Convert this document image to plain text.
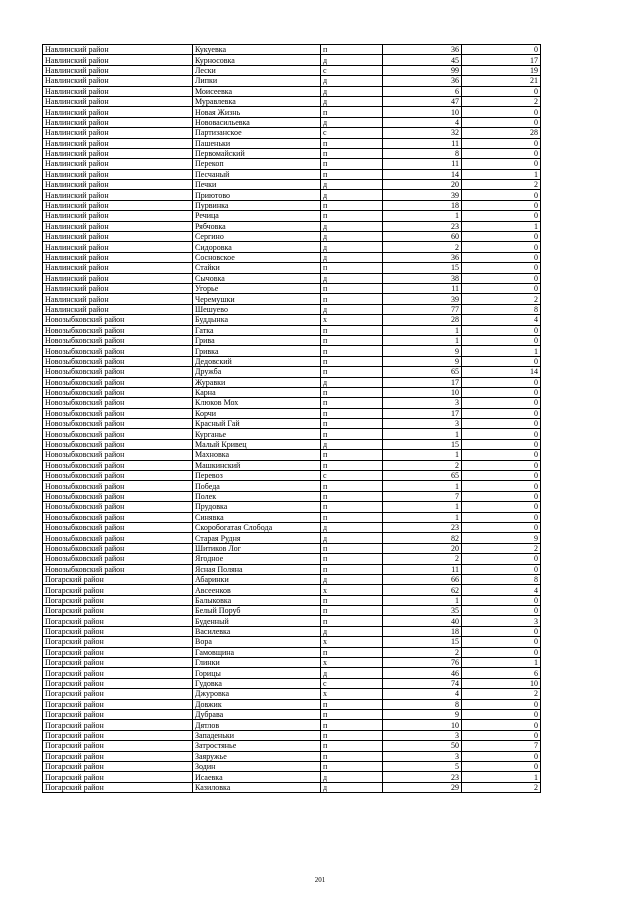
Навлинский район	Кукуевка	п	36	0
Навлинский район	Курносовка	д	45	17
Навлинский район	Лески	с	99	19
Навлинский район	Липки	д	36	21
Навлинский район	Моисеевка	д	6	0
Навлинский район	Муравлевка	д	47	2
Навлинский район	Новая Жизнь	п	10	0
Навлинский район	Нововасильевка	д	4	0
Навлинский район	Партизанское	с	32	28
Навлинский район	Пашеньки	п	11	0
Навлинский район	Первомайский	п	8	0
Навлинский район	Перекоп	п	11	0
Навлинский район	Песчаный	п	14	1
Навлинский район	Печки	д	20	2
Навлинский район	Приютово	д	39	0
Навлинский район	Пурвинка	п	18	0
Навлинский район	Речица	п	1	0
Навлинский район	Рябчовка	д	23	1
Навлинский район	Сергино	д	60	0
Навлинский район	Сидоровка	д	2	0
Навлинский район	Сосновское	д	36	0
Навлинский район	Стайки	п	15	0
Навлинский район	Сычовка	д	38	0
Навлинский район	Угорье	п	11	0
Навлинский район	Черемушки	п	39	2
Навлинский район	Шешуево	д	77	8
Новозыбковский район	Буддынка	х	28	4
Новозыбковский район	Гатка	п	1	0
Новозыбковский район	Грива	п	1	0
Новозыбковский район	Гривка	п	9	1
Новозыбковский район	Дедовский	п	9	0
Новозыбковский район	Дружба	п	65	14
Новозыбковский район	Журавки	д	17	0
Новозыбковский район	Карна	п	10	0
Новозыбковский район	Клюков Мох	п	3	0
Новозыбковский район	Корчи	п	17	0
Новозыбковский район	Красный Гай	п	3	0
Новозыбковский район	Курганье	п	1	0
Новозыбковский район	Малый Кривец	д	15	0
Новозыбковский район	Махновка	п	1	0
Новозыбковский район	Машкинский	п	2	0
Новозыбковский район	Перевоз	с	65	0
Новозыбковский район	Победа	п	1	0
Новозыбковский район	Полек	п	7	0
Новозыбковский район	Прудовка	п	1	0
Новозыбковский район	Синявка	п	1	0
Новозыбковский район	Скоробогатая Слобода	д	23	0
Новозыбковский район	Старая Рудня	д	82	9
Новозыбковский район	Шитиков Лог	п	20	2
Новозыбковский район	Ягодное	п	2	0
Новозыбковский район	Ясная Поляна	п	11	0
Погарский район	Абаринки	д	66	8
Погарский район	Авсеенков	х	62	4
Погарский район	Балыковка	п	1	0
Погарский район	Белый Поруб	п	35	0
Погарский район	Буденный	п	40	3
Погарский район	Василевка	д	18	0
Погарский район	Вора	х	15	0
Погарский район	Гамовщина	п	2	0
Погарский район	Глинки	х	76	1
Погарский район	Горицы	д	46	6
Погарский район	Гудовка	с	74	10
Погарский район	Джуровка	х	4	2
Погарский район	Довжик	п	8	0
Погарский район	Дубрава	п	9	0
Погарский район	Дятлов	п	10	0
Погарский район	Западеньки	п	3	0
Погарский район	Затростянье	п	50	7
Погарский район	Заяружье	п	3	0
Погарский район	Зодин	п	5	0
Погарский район	Исаевка	д	23	1
Погарский район	Казиловка	д	29	2
201
